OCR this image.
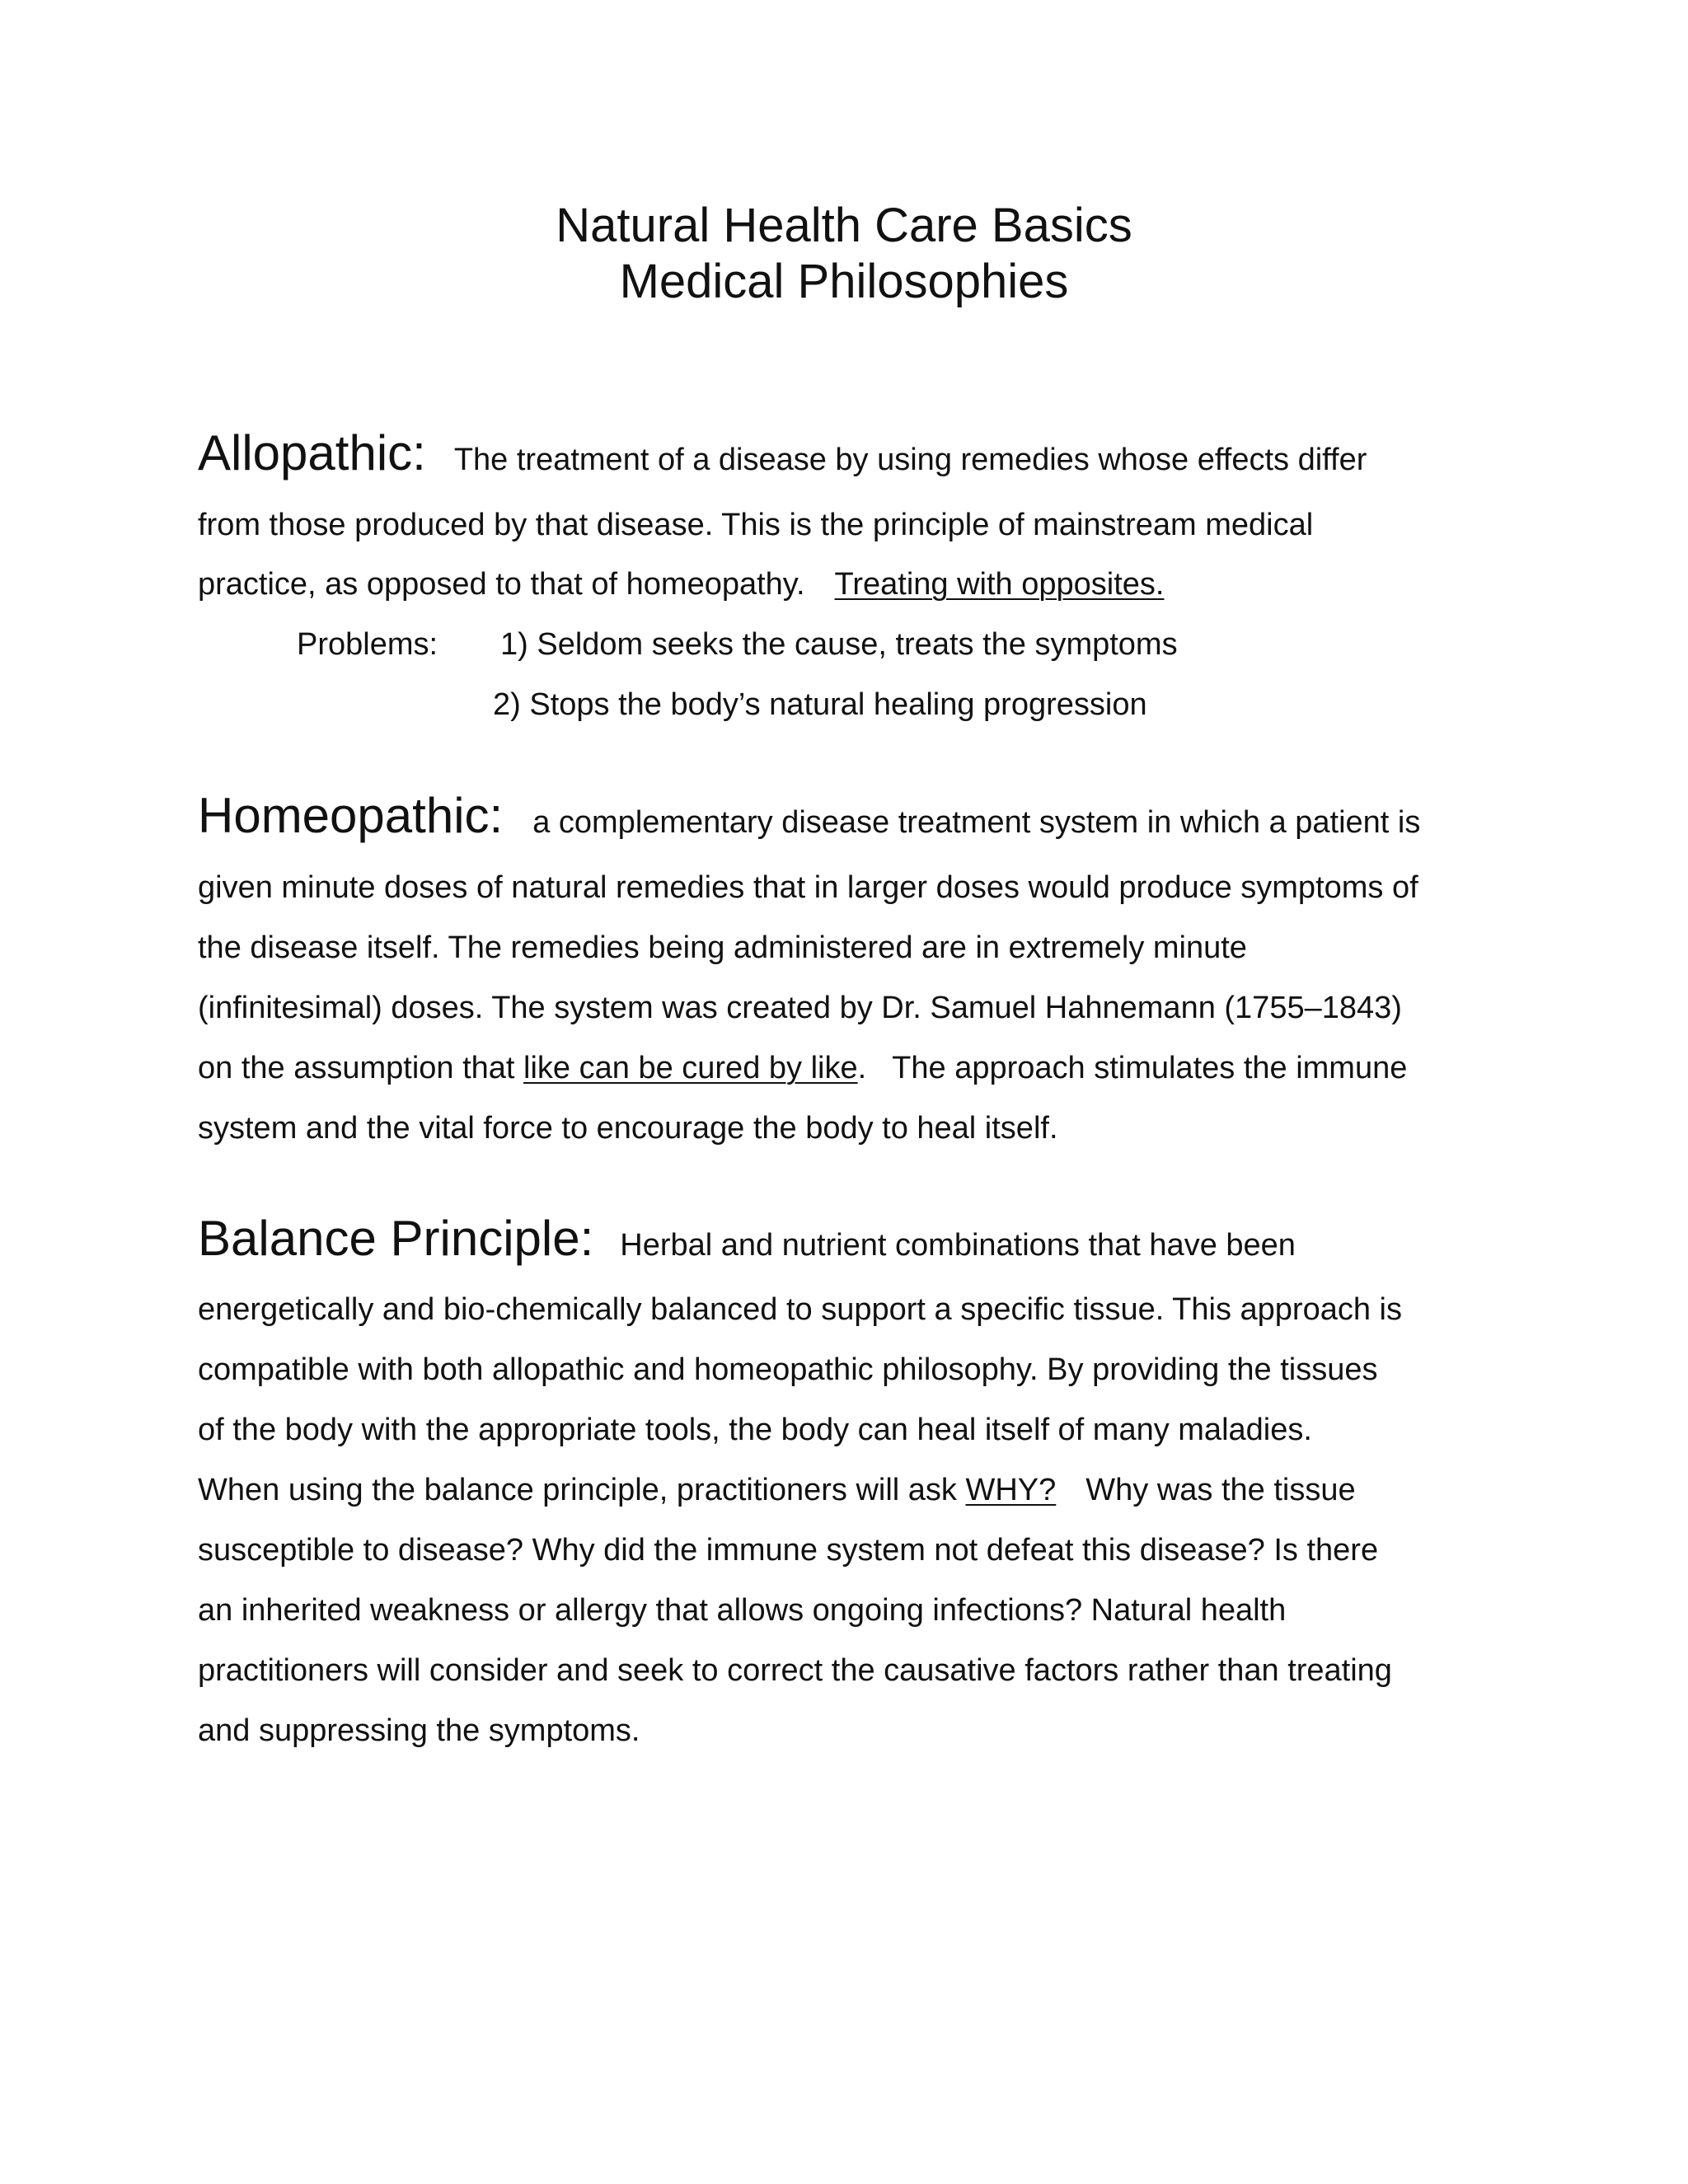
Natural Health Care Basics
Medical Philosophies
Allopathic: The treatment of a disease by using remedies whose effects differ
from those produced by that disease. This is the principle of mainstream medical
practice, as opposed to that of homeopathy. Treating with opposites.
Problems: 1) Seldom seeks the cause, treats the symptoms
2) Stops the body’s natural healing progression
Homeopathic: a complementary disease treatment system in which a patient is
given minute doses of natural remedies that in larger doses would produce symptoms of
the disease itself. The remedies being administered are in extremely minute
(infinitesimal) doses. The system was created by Dr. Samuel Hahnemann (1755–1843)
on the assumption that like can be cured by like.   The approach stimulates the immune
system and the vital force to encourage the body to heal itself.
Balance Principle: Herbal and nutrient combinations that have been
energetically and bio-chemically balanced to support a specific tissue. This approach is
compatible with both allopathic and homeopathic philosophy. By providing the tissues
of the body with the appropriate tools, the body can heal itself of many maladies.
When using the balance principle, practitioners will ask WHY? Why was the tissue
susceptible to disease? Why did the immune system not defeat this disease? Is there
an inherited weakness or allergy that allows ongoing infections? Natural health
practitioners will consider and seek to correct the causative factors rather than treating
and suppressing the symptoms.
